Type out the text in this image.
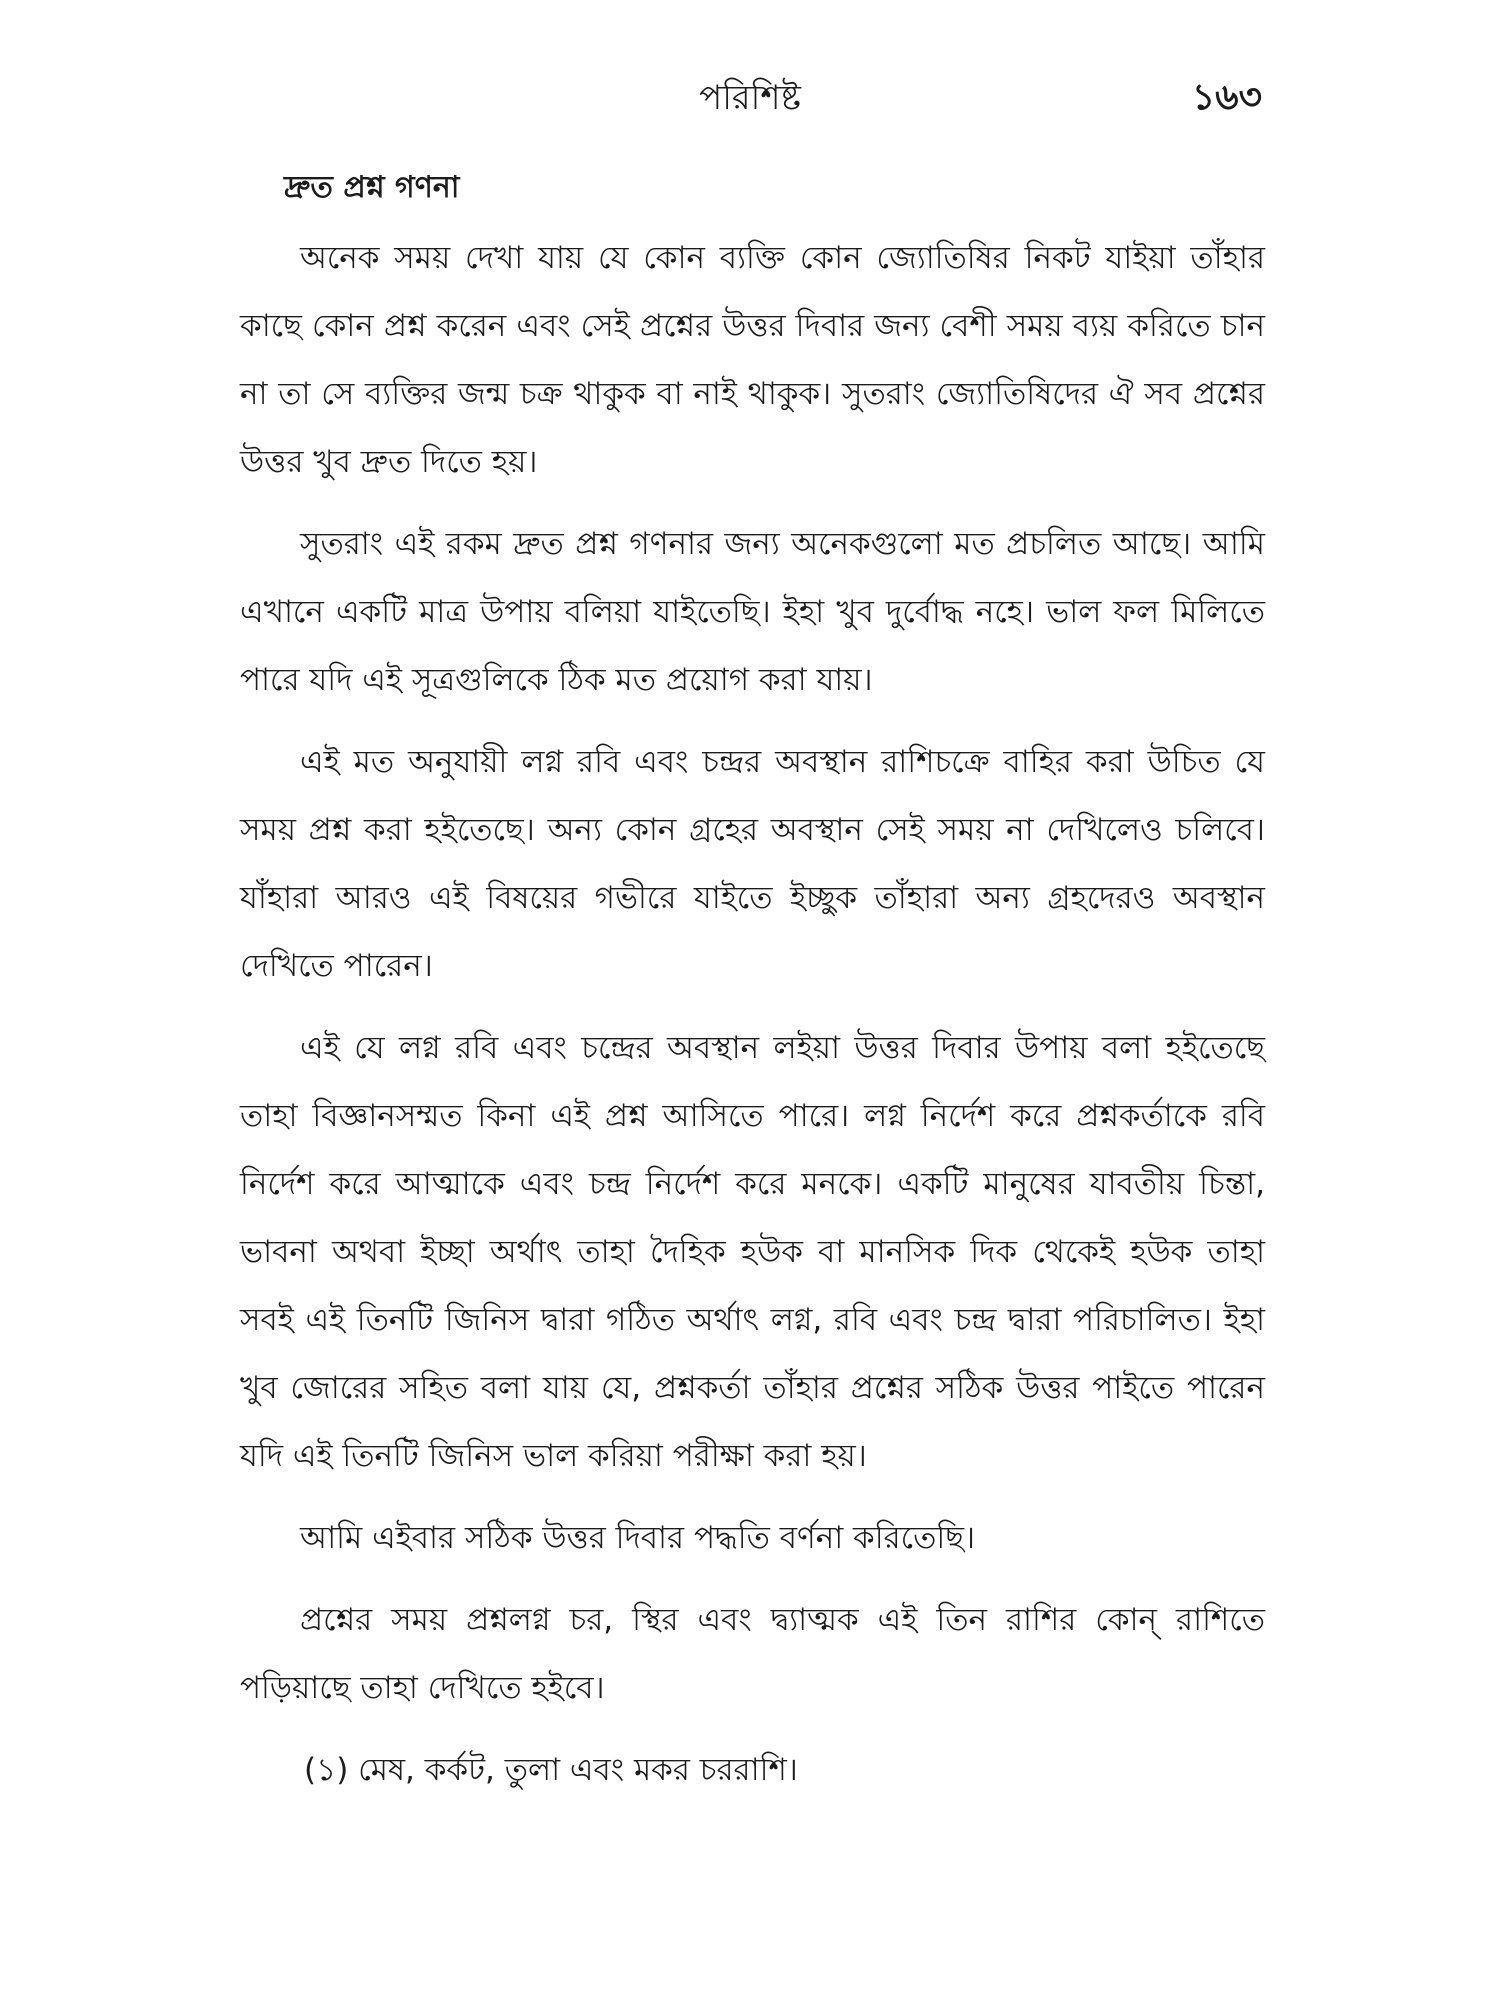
পরিশিষ্ট	১৬৩
দ্রুত প্রশ্ন গণনা

অনেক সময় দেখা যায় যে কোন ব্যক্তি কোন জ্যোতিষির নিকট যাইয়া তাঁহার কাছে কোন প্রশ্ন করেন এবং সেই প্রশ্নের উত্তর দিবার জন্য বেশী সময় ব্যয় করিতে চান না তা সে ব্যক্তির জন্ম চক্র থাকুক বা নাই থাকুক। সুতরাং জ্যোতিষিদের ঐ সব প্রশ্নের উত্তর খুব দ্রুত দিতে হয়।

সুতরাং এই রকম দ্রুত প্রশ্ন গণনার জন্য অনেকগুলো মত প্রচলিত আছে। আমি এখানে একটি মাত্র উপায় বলিয়া যাইতেছি। ইহা খুব দুর্বোদ্ধ নহে। ভাল ফল মিলিতে পারে যদি এই সূত্রগুলিকে ঠিক মত প্রয়োগ করা যায়।

এই মত অনুযায়ী লগ্ন রবি এবং চন্দ্রর অবস্থান রাশিচক্রে বাহির করা উচিত যে সময় প্রশ্ন করা হইতেছে। অন্য কোন গ্রহের অবস্থান সেই সময় না দেখিলেও চলিবে। যাঁহারা আরও এই বিষয়ের গভীরে যাইতে ইচ্ছুক তাঁহারা অন্য গ্রহদেরও অবস্থান দেখিতে পারেন।

এই যে লগ্ন রবি এবং চন্দ্রের অবস্থান লইয়া উত্তর দিবার উপায় বলা হইতেছে তাহা বিজ্ঞানসম্মত কিনা এই প্রশ্ন আসিতে পারে। লগ্ন নির্দেশ করে প্রশ্নকর্তাকে রবি নির্দেশ করে আত্মাকে এবং চন্দ্র নির্দেশ করে মনকে। একটি মানুষের যাবতীয় চিন্তা, ভাবনা অথবা ইচ্ছা অর্থাৎ তাহা দৈহিক হউক বা মানসিক দিক থেকেই হউক তাহা সবই এই তিনটি জিনিস দ্বারা গঠিত অর্থাৎ লগ্ন, রবি এবং চন্দ্র দ্বারা পরিচালিত। ইহা খুব জোরের সহিত বলা যায় যে, প্রশ্নকর্তা তাঁহার প্রশ্নের সঠিক উত্তর পাইতে পারেন যদি এই তিনটি জিনিস ভাল করিয়া পরীক্ষা করা হয়।

আমি এইবার সঠিক উত্তর দিবার পদ্ধতি বর্ণনা করিতেছি।

প্রশ্নের সময় প্রশ্নলগ্ন চর, স্থির এবং দ্ব্যাত্মক এই তিন রাশির কোন্ রাশিতে পড়িয়াছে তাহা দেখিতে হইবে।

(১) মেষ, কর্কট, তুলা এবং মকর চররাশি।
